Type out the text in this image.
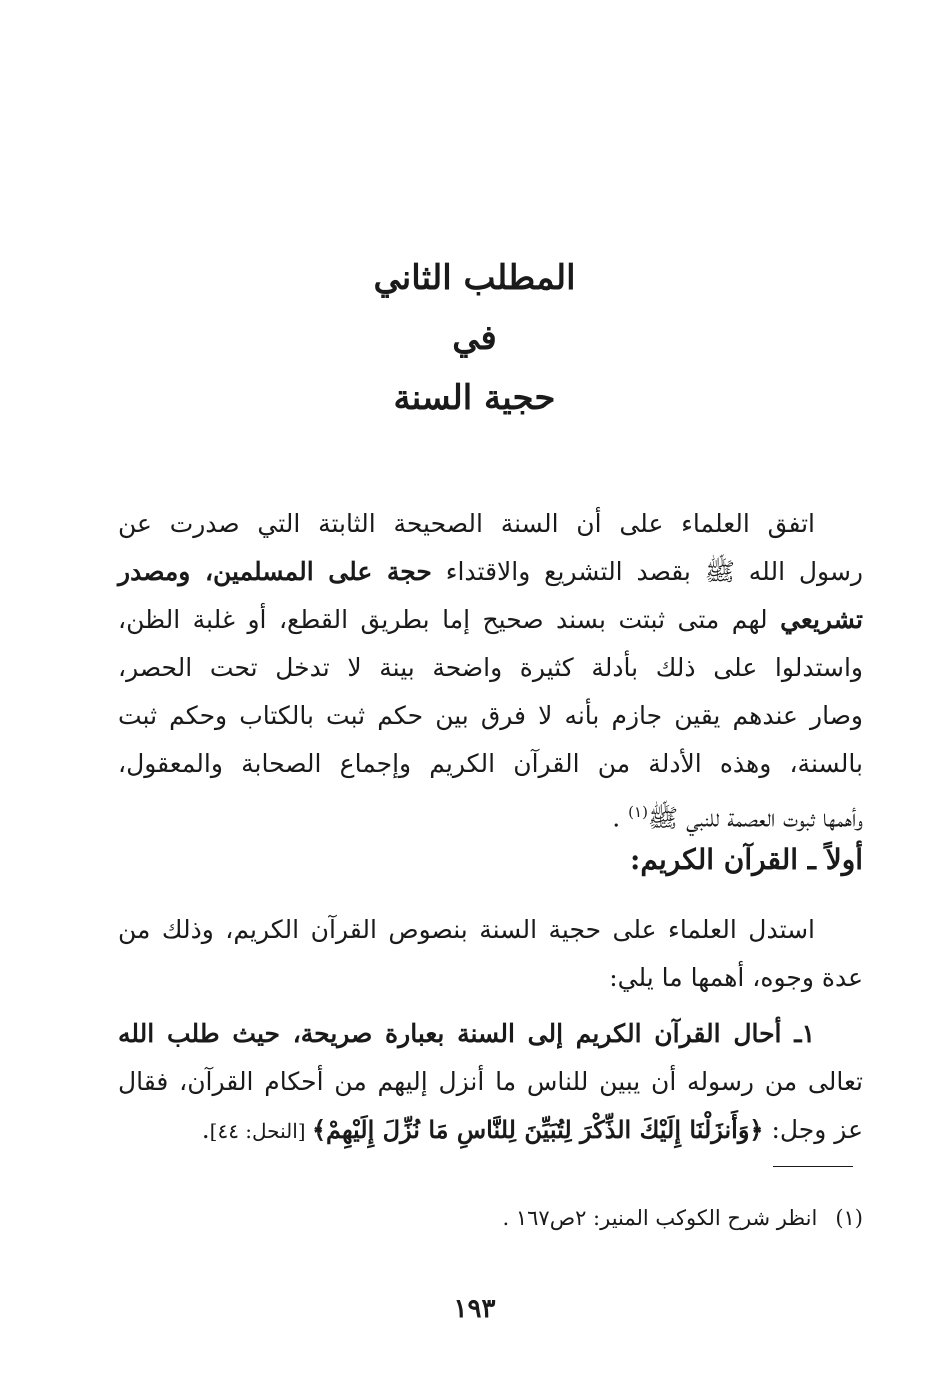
المطلب الثاني
في
حجية السنة
اتفق العلماء على أن السنة الصحيحة الثابتة التي صدرت عن
رسول الله ﷺ بقصد التشريع والاقتداء حجة على المسلمين، ومصدر
تشريعي لهم متى ثبتت بسند صحيح إما بطريق القطع، أو غلبة الظن،
واستدلوا على ذلك بأدلة كثيرة واضحة بينة لا تدخل تحت الحصر،
وصار عندهم يقين جازم بأنه لا فرق بين حكم ثبت بالكتاب وحكم ثبت
بالسنة، وهذه الأدلة من القرآن الكريم وإجماع الصحابة والمعقول،
وأهمها ثبوت العصمة للنبي ﷺ$^{(١)}$ .
أولاً ـ القرآن الكريم:
استدل العلماء على حجية السنة بنصوص القرآن الكريم، وذلك من
عدة وجوه، أهمها ما يلي:
١ـ أحال القرآن الكريم إلى السنة بعبارة صريحة، حيث طلب الله
تعالى من رسوله أن يبين للناس ما أنزل إليهم من أحكام القرآن، فقال
عز وجل: ﴿وَأَنزَلْنَا إِلَيْكَ الذِّكْرَ لِتُبَيِّنَ لِلنَّاسِ مَا نُزِّلَ إِلَيْهِمْ﴾ [النحل: ٤٤].
(١)انظر شرح الكوكب المنير: ٢ص١٦٧ .
١٩٣
